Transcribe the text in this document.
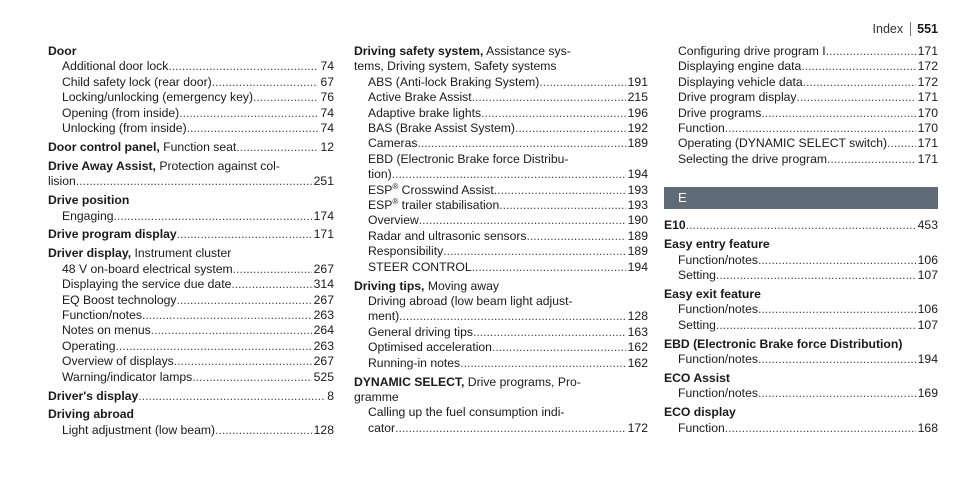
Index	551
Door
Additional door lock .....	74
Child safety lock (rear door) .....	67
Locking/unlocking (emergency key) .....	76
Opening (from inside) .....	74
Unlocking (from inside) .....	74
Door control panel, Function seat .....	12
Drive Away Assist, Protection against col-
lision .....	251
Drive position
Engaging .....	174
Drive program display .....	171
Driver display, Instrument cluster
48 V on-board electrical system .....	267
Displaying the service due date .....	314
EQ Boost technology .....	267
Function/notes .....	263
Notes on menus .....	264
Operating .....	263
Overview of displays .....	267
Warning/indicator lamps .....	525
Driver's display .....	8
Driving abroad
Light adjustment (low beam) .....	128
Driving safety system, Assistance sys-
tems, Driving system, Safety systems
ABS (Anti-lock Braking System) .....	191
Active Brake Assist .....	215
Adaptive brake lights .....	196
BAS (Brake Assist System) .....	192
Cameras .....	189
EBD (Electronic Brake force Distribu-
tion) .....	194
ESP® Crosswind Assist .....	193
ESP® trailer stabilisation .....	193
Overview .....	190
Radar and ultrasonic sensors .....	189
Responsibility .....	189
STEER CONTROL .....	194
Driving tips, Moving away
Driving abroad (low beam light adjust-
ment) .....	128
General driving tips .....	163
Optimised acceleration .....	162
Running-in notes .....	162
DYNAMIC SELECT, Drive programs, Pro-
gramme
Calling up the fuel consumption indi-
cator .....	172
Configuring drive program I .....	171
Displaying engine data .....	172
Displaying vehicle data .....	172
Drive program display .....	171
Drive programs .....	170
Function .....	170
Operating (DYNAMIC SELECT switch) .....	171
Selecting the drive program .....	171
E
E10 .....	453
Easy entry feature
Function/notes .....	106
Setting .....	107
Easy exit feature
Function/notes .....	106
Setting .....	107
EBD (Electronic Brake force Distribution)
Function/notes .....	194
ECO Assist
Function/notes .....	169
ECO display
Function .....	168
